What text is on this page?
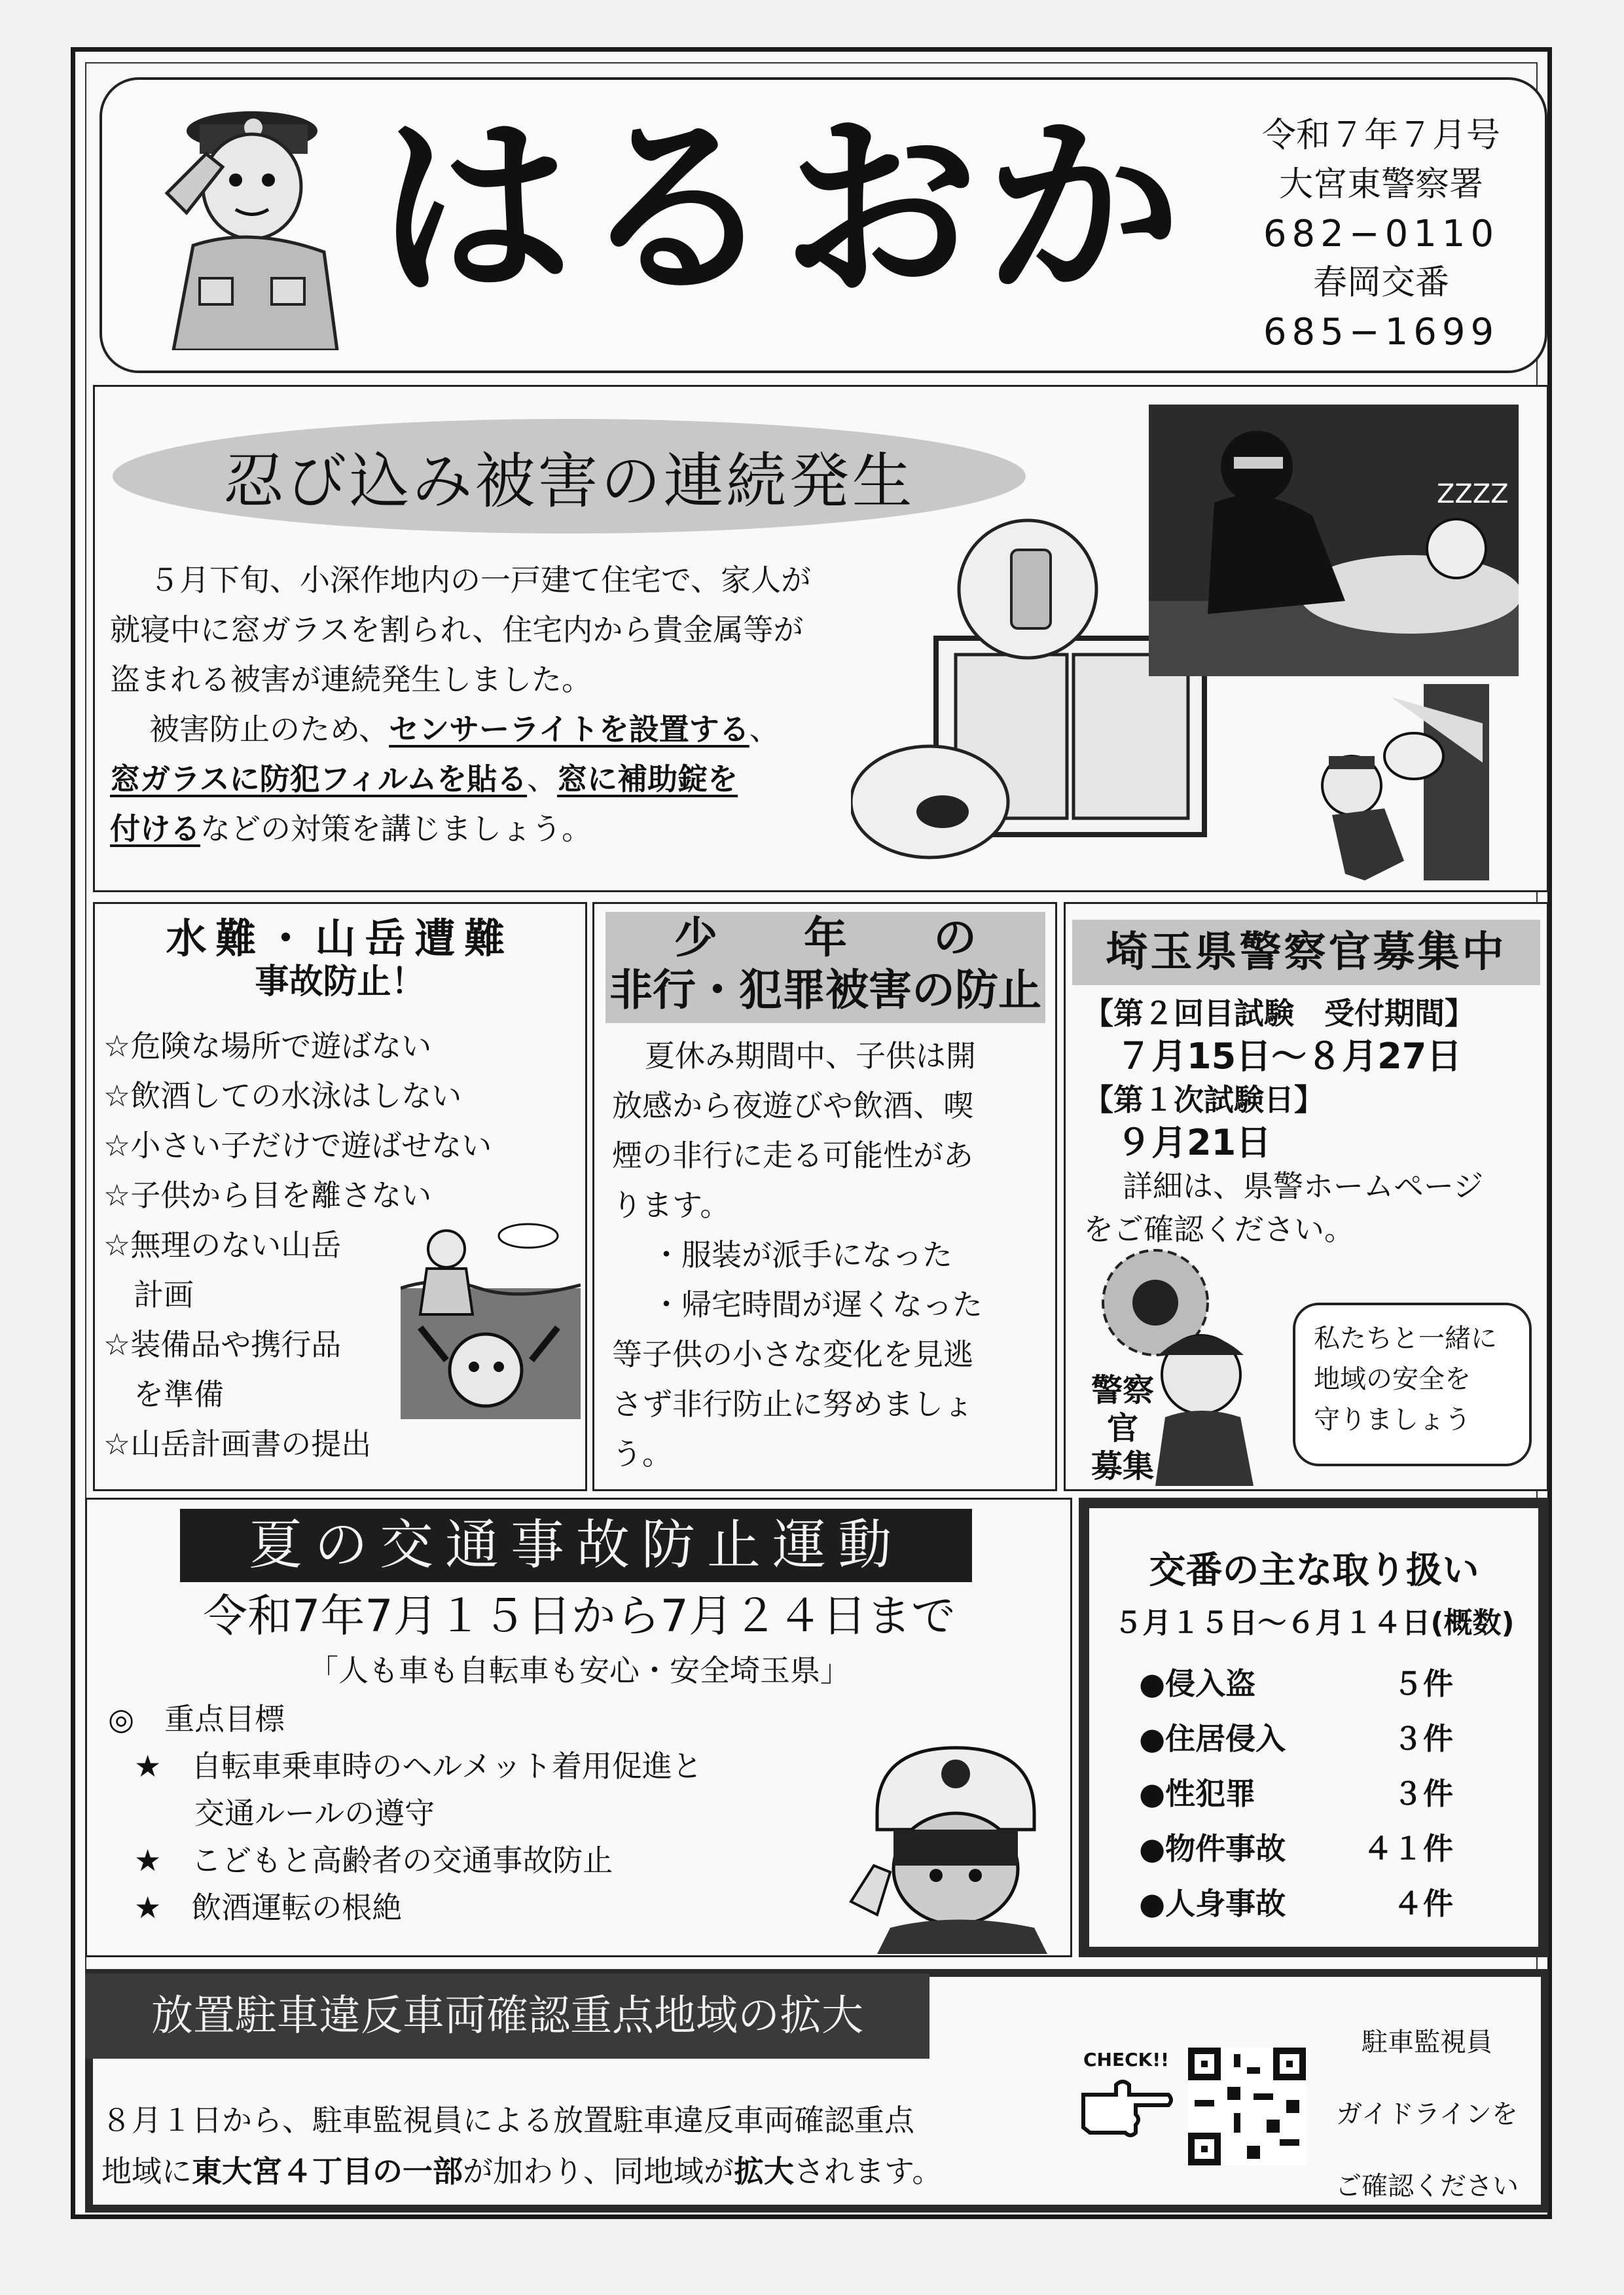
はるおか	令和７年７月号
大宮東警察署
682−0110
春岡交番
685−1699
忍び込み被害の連続発生
５月下旬、小深作地内の一戸建て住宅で、家人が
就寝中に窓ガラスを割られ、住宅内から貴金属等が
盗まれる被害が連続発生しました。
被害防止のため、センサーライトを設置する、
窓ガラスに防犯フィルムを貼る、窓に補助錠を
付けるなどの対策を講じましょう。
ZZZZ
水難・山岳遭難
事故防止！
☆危険な場所で遊ばない
☆飲酒しての水泳はしない
☆小さい子だけで遊ばせない
☆子供から目を離さない
☆無理のない山岳
　計画
☆装備品や携行品
　を準備
☆山岳計画書の提出
少　　年　　の
非行・犯罪被害の防止
夏休み期間中、子供は開
放感から夜遊びや飲酒、喫
煙の非行に走る可能性があ
ります。
・服装が派手になった
・帰宅時間が遅くなった
等子供の小さな変化を見逃
さず非行防止に努めましょ
う。
埼玉県警察官募集中
【第２回目試験　受付期間】
７月15日～８月27日
【第１次試験日】
９月21日
詳細は、県警ホームページ
をご確認ください。
警察官
募集
私たちと一緒に
地域の安全を
守りましょう
夏の交通事故防止運動
令和7年7月１５日から7月２４日まで
「人も車も自転車も安心・安全埼玉県」
◎　重点目標
★　自転車乗車時のヘルメット着用促進と
　　交通ルールの遵守
★　こどもと高齢者の交通事故防止
★　飲酒運転の根絶
交番の主な取り扱い
５月１５日～６月１４日(概数)
●侵入盗	５件
●住居侵入	３件
●性犯罪	３件
●物件事故	４１件
●人身事故	４件
放置駐車違反車両確認重点地域の拡大
８月１日から、駐車監視員による放置駐車違反車両確認重点
地域に東大宮４丁目の一部が加わり、同地域が拡大されます。
CHECK!!
駐車監視員
ガイドラインを
ご確認ください
